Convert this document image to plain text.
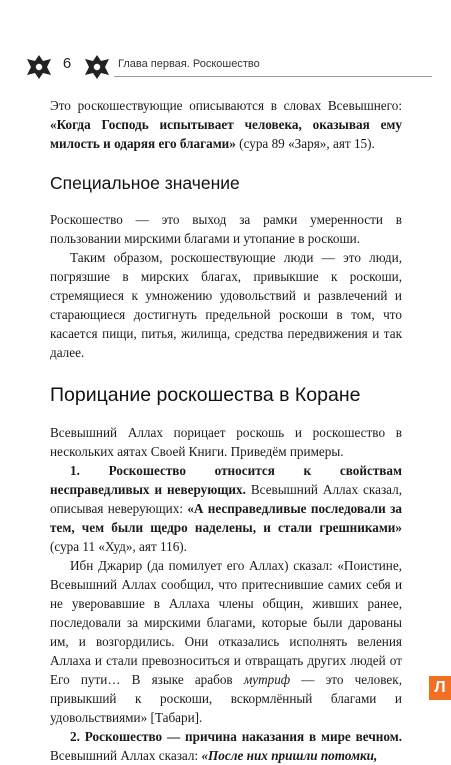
6	Глава первая. Роскошество

Это роскошествующие описываются в словах Всевышнего: «Когда Господь испытывает человека, оказывая ему милость и одаряя его благами» (сура 89 «Заря», аят 15).

Специальное значение

Роскошество — это выход за рамки умеренности в пользовании мирскими благами и утопание в роскоши.

Таким образом, роскошествующие люди — это люди, погрязшие в мирских благах, привыкшие к роскоши, стремящиеся к умножению удовольствий и развлечений и старающиеся достигнуть предельной роскоши в том, что касается пищи, питья, жилища, средства передвижения и так далее.

Порицание роскошества в Коране

Всевышний Аллах порицает роскошь и роскошество в нескольких аятах Своей Книги. Приведём примеры.

1. Роскошество относится к свойствам несправедливых и неверующих. Всевышний Аллах сказал, описывая неверующих: «А несправедливые последовали за тем, чем были щедро наделены, и стали грешниками» (сура 11 «Худ», аят 116).

Ибн Джарир (да помилует его Аллах) сказал: «Поистине, Всевышний Аллах сообщил, что притеснившие самих себя и не уверовавшие в Аллаха члены общин, живших ранее, последовали за мирскими благами, которые были дарованы им, и возгордились. Они отказались исполнять веления Аллаха и стали превозноситься и отвращать других людей от Его пути… В языке арабов мутриф — это человек, привыкший к роскоши, вскормлённый благами и удовольствиями» [Табари].

2. Роскошество — причина наказания в мире вечном. Всевышний Аллах сказал: «После них пришли потомки,

Л
